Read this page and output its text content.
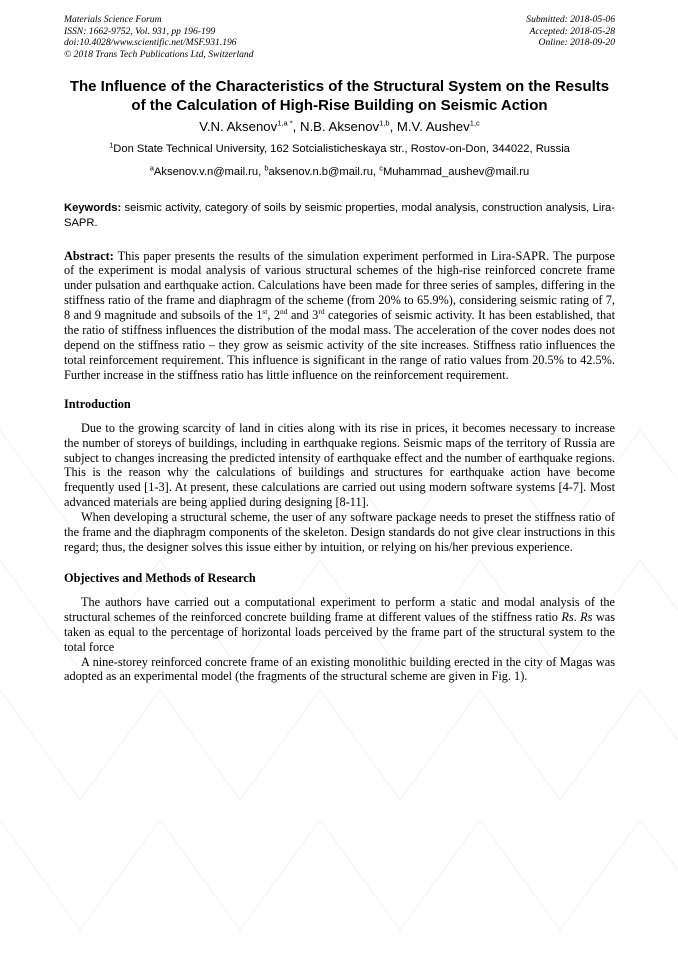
Materials Science Forum
ISSN: 1662-9752, Vol. 931, pp 196-199
doi:10.4028/www.scientific.net/MSF.931.196
© 2018 Trans Tech Publications Ltd, Switzerland
Submitted: 2018-05-06
Accepted: 2018-05-28
Online: 2018-09-20
The Influence of the Characteristics of the Structural System on the Results of the Calculation of High-Rise Building on Seismic Action
V.N. Aksenov$^{1,a *}$, N.B. Aksenov$^{1,b}$, M.V. Aushev$^{1,c}$
$^1$Don State Technical University, 162 Sotcialisticheskaya str., Rostov-on-Don, 344022, Russia
$^a$Aksenov.v.n@mail.ru, $^b$aksenov.n.b@mail.ru, $^c$Muhammad_aushev@mail.ru
Keywords: seismic activity, category of soils by seismic properties, modal analysis, construction analysis, Lira-SAPR.
Abstract: This paper presents the results of the simulation experiment performed in Lira-SAPR. The purpose of the experiment is modal analysis of various structural schemes of the high-rise reinforced concrete frame under pulsation and earthquake action. Calculations have been made for three series of samples, differing in the stiffness ratio of the frame and diaphragm of the scheme (from 20% to 65.9%), considering seismic rating of 7, 8 and 9 magnitude and subsoils of the 1st, 2nd and 3rd categories of seismic activity. It has been established, that the ratio of stiffness influences the distribution of the modal mass. The acceleration of the cover nodes does not depend on the stiffness ratio – they grow as seismic activity of the site increases. Stiffness ratio influences the total reinforcement requirement. This influence is significant in the range of ratio values from 20.5% to 42.5%. Further increase in the stiffness ratio has little influence on the reinforcement requirement.
Introduction

Due to the growing scarcity of land in cities along with its rise in prices, it becomes necessary to increase the number of storeys of buildings, including in earthquake regions. Seismic maps of the territory of Russia are subject to changes increasing the predicted intensity of earthquake effect and the number of earthquake regions. This is the reason why the calculations of buildings and structures for earthquake action have become frequently used [1-3]. At present, these calculations are carried out using modern software systems [4-7]. Most advanced materials are being applied during designing [8-11].

When developing a structural scheme, the user of any software package needs to preset the stiffness ratio of the frame and the diaphragm components of the skeleton. Design standards do not give clear instructions in this regard; thus, the designer solves this issue either by intuition, or relying on his/her previous experience.

Objectives and Methods of Research

The authors have carried out a computational experiment to perform a static and modal analysis of the structural schemes of the reinforced concrete building frame at different values of the stiffness ratio Rs. Rs was taken as equal to the percentage of horizontal loads perceived by the frame part of the structural system to the total force

A nine-storey reinforced concrete frame of an existing monolithic building erected in the city of Magas was adopted as an experimental model (the fragments of the structural scheme are given in Fig. 1).
